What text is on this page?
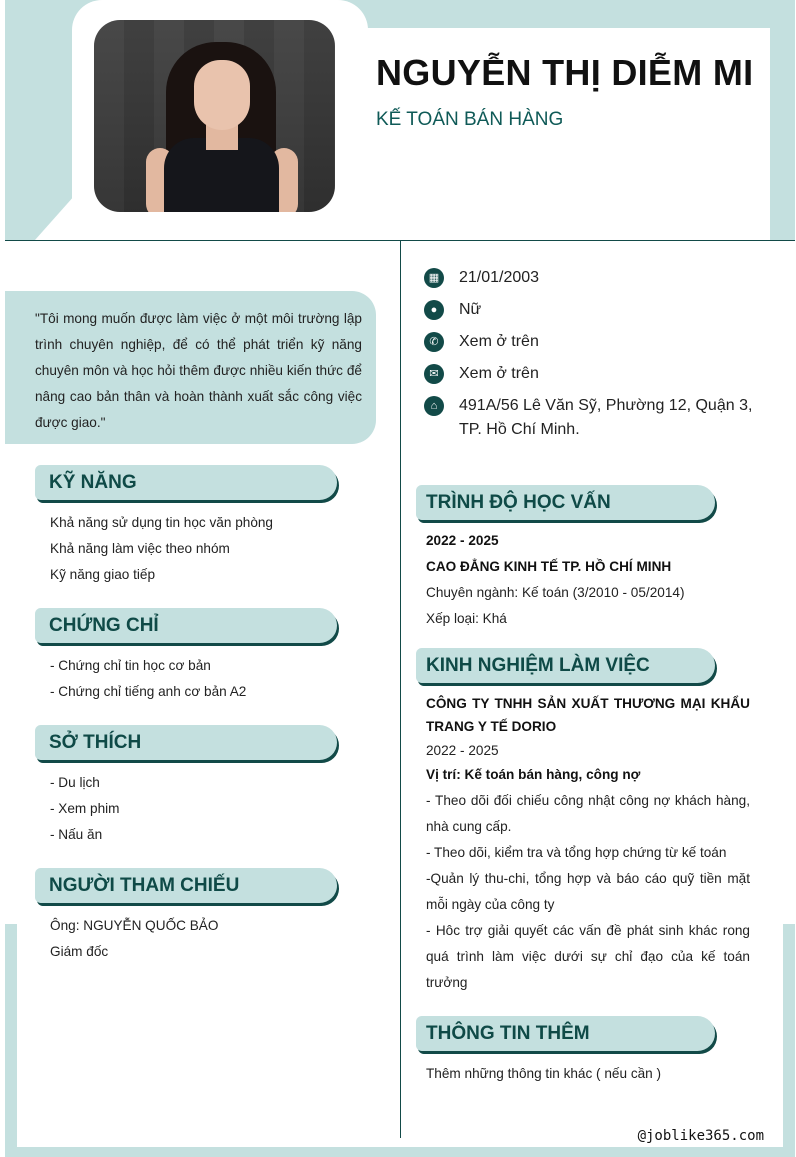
NGUYỄN THỊ DIỄM MI
KẾ TOÁN BÁN HÀNG

"Tôi mong muốn được làm việc ở một môi trường lập trình chuyên nghiệp, để có thể phát triển kỹ năng chuyên môn và học hỏi thêm được nhiều kiến thức để nâng cao bản thân và hoàn thành xuất sắc công việc được giao."

KỸ NĂNG
Khả năng sử dụng tin học văn phòng
Khả năng làm việc theo nhóm
Kỹ năng giao tiếp
CHỨNG CHỈ
- Chứng chỉ tin học cơ bản
- Chứng chỉ tiếng anh cơ bản A2
SỞ THÍCH
- Du lịch
- Xem phim
- Nấu ăn
NGƯỜI THAM CHIẾU
Ông: NGUYỄN QUỐC BẢO
Giám đốc
▦ 21/01/2003
●	Nữ
✆	Xem ở trên
✉	Xem ở trên
⌂	491A/56 Lê Văn Sỹ, Phường 12, Quận 3, TP. Hồ Chí Minh.
TRÌNH ĐỘ HỌC VẤN
2022 - 2025
CAO ĐẲNG KINH TẾ TP. HỒ CHÍ MINH
Chuyên ngành: Kế toán (3/2010 - 05/2014)
Xếp loại: Khá
KINH NGHIỆM LÀM VIỆC
CÔNG TY TNHH SẢN XUẤT THƯƠNG MẠI KHẨU TRANG Y TẾ DORIO
2022 - 2025
Vị trí: Kế toán bán hàng, công nợ
- Theo dõi đối chiếu công nhật công nợ khách hàng, nhà cung cấp.
- Theo dõi, kiểm tra và tổng hợp chứng từ kế toán
-Quản lý thu-chi, tổng hợp và báo cáo quỹ tiền mặt mỗi ngày của công ty
- Hôc trợ giải quyết các vấn đề phát sinh khác rong quá trình làm việc dưới sự chỉ đạo của kế toán trưởng
THÔNG TIN THÊM
Thêm những thông tin khác ( nếu cần )
@joblike365.com
